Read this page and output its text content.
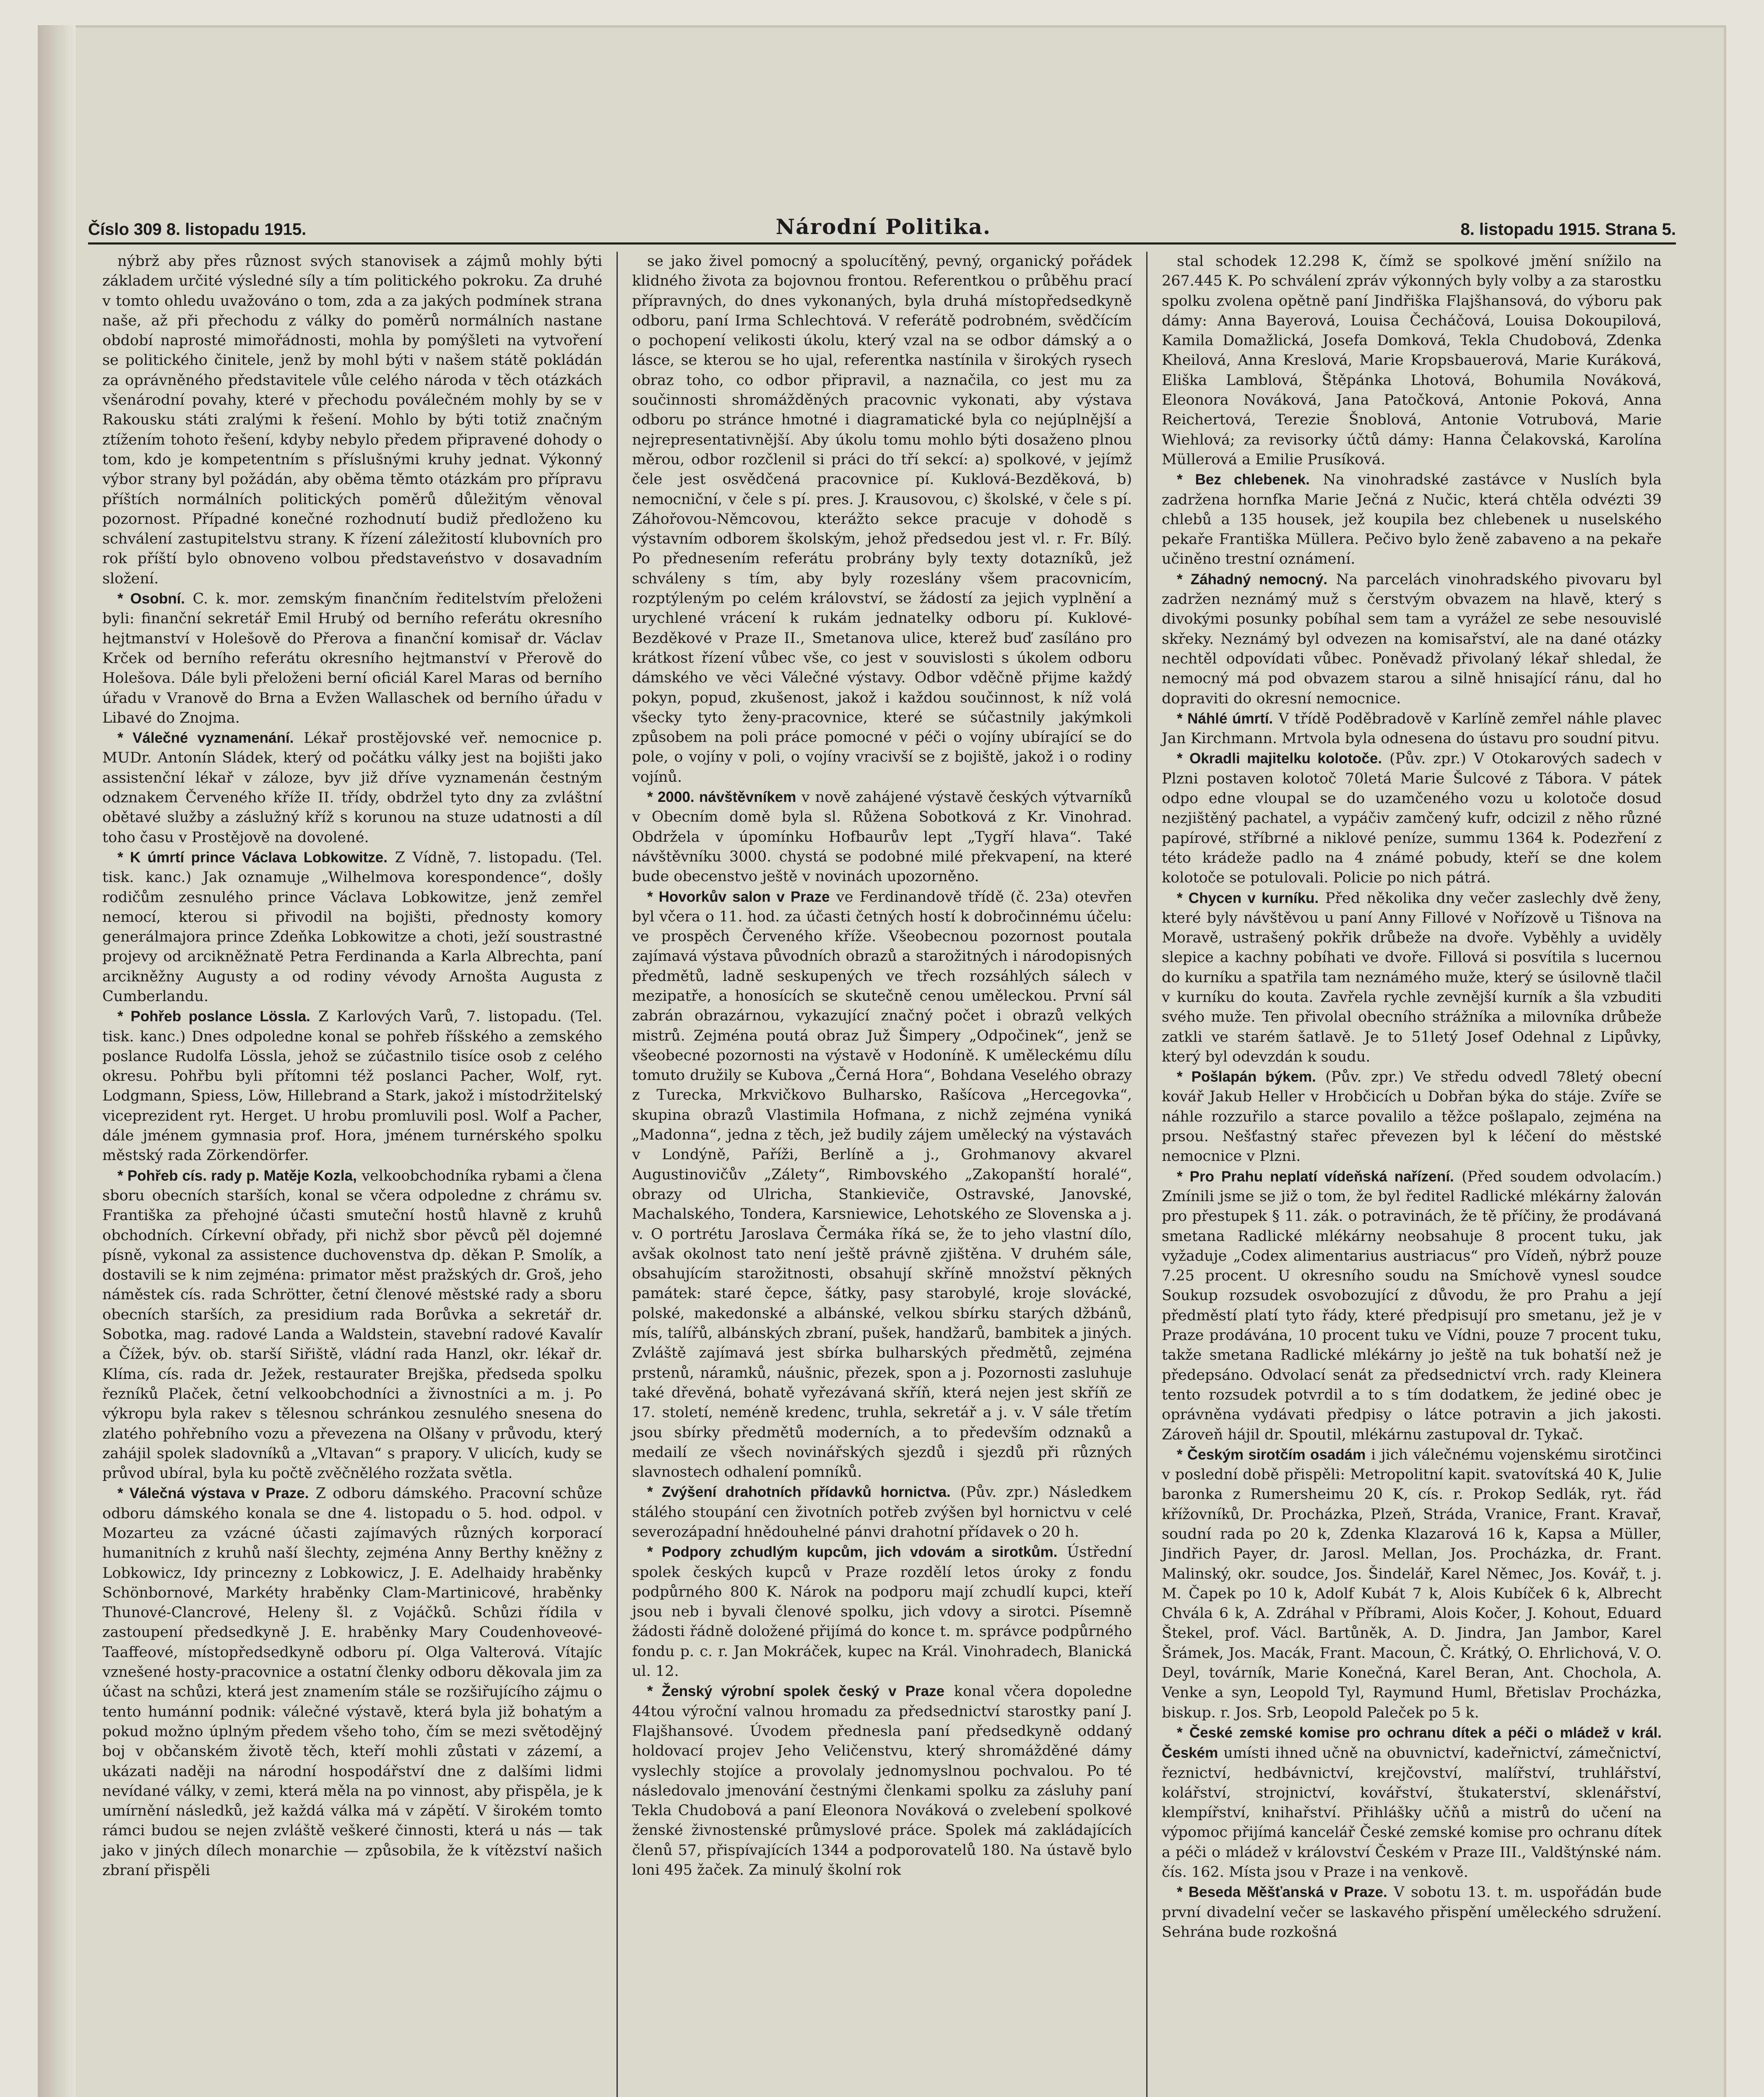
Číslo 309 8. listopadu 1915.	Národní Politika.	8. listopadu 1915. Strana 5.

nýbrž aby přes různost svých stanovisek a zájmů mohly býti základem určité výsledné síly a tím politického pokroku. Za druhé v tomto ohledu uvažováno o tom, zda a za jakých podmínek strana naše, až při přechodu z války do poměrů normálních nastane období naprosté mimořádnosti, mohla by pomýšleti na vytvoření se politického činitele, jenž by mohl býti v našem státě pokládán za oprávněného představitele vůle celého národa v těch otázkách všenárodní povahy, které v přechodu poválečném mohly by se v Rakousku státi zralými k řešení. Mohlo by býti totiž značným ztížením tohoto řešení, kdyby nebylo předem připravené dohody o tom, kdo je kompetentním s příslušnými kruhy jednat. Výkonný výbor strany byl požádán, aby oběma těmto otázkám pro přípravu příštích normálních politických poměrů důležitým věnoval pozornost. Případné konečné rozhodnutí budiž předloženo ku schválení zastupitelstvu strany. K řízení záležitostí klubovních pro rok příští bylo obnoveno volbou představeństvo v dosavadním složení.

* Osobní. C. k. mor. zemským finančním ředitelstvím přeloženi byli: finanční sekretář Emil Hrubý od berního referátu okresního hejtmanství v Holešově do Přerova a finanční komisař dr. Václav Krček od berního referátu okresního hejtmanství v Přerově do Holešova. Dále byli přeloženi berní oficiál Karel Maras od berního úřadu v Vranově do Brna a Evžen Wallaschek od berního úřadu v Libavé do Znojma.

* Válečné vyznamenání. Lékař prostějovské veř. nemocnice p. MUDr. Antonín Sládek, který od počátku války jest na bojišti jako assistenční lékař v záloze, byv již dříve vyznamenán čestným odznakem Červeného kříže II. třídy, obdržel tyto dny za zvláštní obětavé služby a záslužný kříž s korunou na stuze udatnosti a díl toho času v Prostějově na dovolené.

* K úmrtí prince Václava Lobkowitze. Z Vídně, 7. listopadu. (Tel. tisk. kanc.) Jak oznamuje „Wilhelmova korespondence“, došly rodičům zesnulého prince Václava Lobkowitze, jenž zemřel nemocí, kterou si přivodil na bojišti, přednosty komory generálmajora prince Zdeňka Lobkowitze a choti, ježí soustrastné projevy od arcikněžnatě Petra Ferdinanda a Karla Albrechta, paní arcikněžny Augusty a od rodiny vévody Arnošta Augusta z Cumberlandu.

* Pohřeb poslance Lössla. Z Karlových Varů, 7. listopadu. (Tel. tisk. kanc.) Dnes odpoledne konal se pohřeb říšského a zemského poslance Rudolfa Lössla, jehož se zúčastnilo tisíce osob z celého okresu. Pohřbu byli přítomni též poslanci Pacher, Wolf, ryt. Lodgmann, Spiess, Löw, Hillebrand a Stark, jakož i místodržitelský viceprezident ryt. Herget. U hrobu promluvili posl. Wolf a Pacher, dále jménem gymnasia prof. Hora, jménem turnérského spolku městský rada Zörkendörfer.

* Pohřeb cís. rady p. Matěje Kozla, velkoobchodníka rybami a člena sboru obecních starších, konal se včera odpoledne z chrámu sv. Františka za přehojné účasti smuteční hostů hlavně z kruhů obchodních. Církevní obřady, při nichž sbor pěvců pěl dojemné písně, vykonal za assistence duchovenstva dp. děkan P. Smolík, a dostavili se k nim zejména: primator měst pražských dr. Groš, jeho náměstek cís. rada Schrötter, četní členové městské rady a sboru obecních starších, za presidium rada Borůvka a sekretář dr. Sobotka, mag. radové Landa a Waldstein, stavební radové Kavalír a Čížek, býv. ob. starší Siřiště, vládní rada Hanzl, okr. lékař dr. Klíma, cís. rada dr. Ježek, restaurater Brejška, předseda spolku řezníků Plaček, četní velkoobchodníci a živnostníci a m. j. Po výkropu byla rakev s tělesnou schránkou zesnulého snesena do zlatého pohřebního vozu a převezena na Olšany v průvodu, který zahájil spolek sladovníků a „Vltavan“ s prapory. V ulicích, kudy se průvod ubíral, byla ku počtě zvěčnělého rozžata světla.

* Válečná výstava v Praze. Z odboru dámského. Pracovní schůze odboru dámského konala se dne 4. listopadu o 5. hod. odpol. v Mozarteu za vzácné účasti zajímavých různých korporací humanitních z kruhů naší šlechty, zejména Anny Berthy kněžny z Lobkowicz, Idy princezny z Lobkowicz, J. E. Adelhaidy hraběnky Schönbornové, Markéty hraběnky Clam-Martinicové, hraběnky Thunové-Clancrové, Heleny šl. z Vojáčků. Schůzi řídila v zastoupení předsedkyně J. E. hraběnky Mary Coudenhoveové-Taaffeové, místopředsedkyně odboru pí. Olga Valterová. Vítajíc vznešené hosty-pracovnice a ostatní členky odboru děkovala jim za účast na schůzi, která jest znamením stále se rozšiřujícího zájmu o tento humánní podnik: válečné výstavě, která byla již bohatým a pokud možno úplným předem všeho toho, čím se mezi světodějný boj v občanském životě těch, kteří mohli zůstati v zázemí, a ukázati naději na národní hospodářství dne z dalšími lidmi nevídané války, v zemi, která měla na po vinnost, aby přispěla, je k umírnění následků, jež každá válka má v zápětí. V širokém tomto rámci budou se nejen zvláště veškeré činnosti, která u nás — tak jako v jiných dílech monarchie — způsobila, že k vítězství našich zbraní přispěli

se jako živel pomocný a spolucítěný, pevný, organický pořádek klidného života za bojovnou frontou. Referentkou o průběhu prací přípravných, do dnes vykonaných, byla druhá místopředsedkyně odboru, paní Irma Schlechtová. V referátě podrobném, svědčícím o pochopení velikosti úkolu, který vzal na se odbor dámský a o lásce, se kterou se ho ujal, referentka nastínila v širokých rysech obraz toho, co odbor připravil, a naznačila, co jest mu za součinnosti shromážděných pracovnic vykonati, aby výstava odboru po stránce hmotné i diagramatické byla co nejúplnější a nejrepresentativnější. Aby úkolu tomu mohlo býti dosaženo plnou měrou, odbor rozčlenil si práci do tří sekcí: a) spolkové, v jejímž čele jest osvědčená pracovnice pí. Kuklová-Bezděková, b) nemocniční, v čele s pí. pres. J. Krausovou, c) školské, v čele s pí. Záhořovou-Němcovou, kterážto sekce pracuje v dohodě s výstavním odborem školským, jehož předsedou jest vl. r. Fr. Bílý. Po přednesením referátu probrány byly texty dotazníků, jež schváleny s tím, aby byly rozeslány všem pracovnicím, rozptýleným po celém království, se žádostí za jejich vyplnění a urychlené vrácení k rukám jednatelky odboru pí. Kuklové-Bezděkové v Praze II., Smetanova ulice, kterež buď zasíláno pro krátkost řízení vůbec vše, co jest v souvislosti s úkolem odboru dámského ve věci Válečné výstavy. Odbor vděčně přijme každý pokyn, popud, zkušenost, jakož i každou součinnost, k níž volá všecky tyto ženy-pracovnice, které se súčastnily jakýmkoli způsobem na poli práce pomocné v péči o vojíny ubírající se do pole, o vojíny v poli, o vojíny vracivší se z bojiště, jakož i o rodiny vojínů.

* 2000. návštěvníkem v nově zahájené výstavě českých výtvarníků v Obecním domě byla sl. Růžena Sobotková z Kr. Vinohrad. Obdržela v úpomínku Hofbaurův lept „Tygří hlava“. Také návštěvníku 3000. chystá se podobné milé překvapení, na které bude obecenstvo ještě v novinách upozorněno.

* Hovorkův salon v Praze ve Ferdinandově třídě (č. 23a) otevřen byl včera o 11. hod. za účasti četných hostí k dobročinnému účelu: ve prospěch Červeného kříže. Všeobecnou pozornost poutala zajímavá výstava původních obrazů a starožitných i národopisných předmětů, ladně seskupených ve třech rozsáhlých sálech v mezipatře, a honosících se skutečně cenou uměleckou. První sál zabrán obrazárnou, vykazující značný počet i obrazů velkých mistrů. Zejména poutá obraz Juž Šimpery „Odpočinek“, jenž se všeobecné pozornosti na výstavě v Hodoníně. K uměleckému dílu tomuto družily se Kubova „Černá Hora“, Bohdana Veselého obrazy z Turecka, Mrkvičkovo Bulharsko, Rašícova „Hercegovka“, skupina obrazů Vlastimila Hofmana, z nichž zejména vyniká „Madonna“, jedna z těch, jež budily zájem umělecký na výstavách v Londýně, Paříži, Berlíně a j., Grohmanovy akvarel Augustinovičův „Zálety“, Rimbovského „Zakopanští horalé“, obrazy od Ulricha, Stankieviče, Ostravské, Janovské, Machalského, Tondera, Karsniewice, Lehotského ze Slovenska a j. v. O portrétu Jaroslava Čermáka říká se, že to jeho vlastní dílo, avšak okolnost tato není ještě právně zjištěna. V druhém sále, obsahujícím starožitnosti, obsahují skříně množství pěkných památek: staré čepce, šátky, pasy starobylé, kroje slovácké, polské, makedonské a albánské, velkou sbírku starých džbánů, mís, talířů, albánských zbraní, pušek, handžarů, bambitek a jiných. Zvláště zajímavá jest sbírka bulharských předmětů, zejména prstenů, náramků, náušnic, přezek, spon a j. Pozornosti zasluhuje také dřevěná, bohatě vyřezávaná skříň, která nejen jest skříň ze 17. století, neméně kredenc, truhla, sekretář a j. v. V sále třetím jsou sbírky předmětů moderních, a to především odznaků a medailí ze všech novinářských sjezdů i sjezdů při různých slavnostech odhalení pomníků.

* Zvýšení drahotních přídavků hornictva. (Pův. zpr.) Následkem stálého stoupání cen životních potřeb zvýšen byl hornictvu v celé severozápadní hnědouhelné pánvi drahotní přídavek o 20 h.

* Podpory zchudlým kupcům, jich vdovám a sirotkům. Ústřední spolek českých kupců v Praze rozdělí letos úroky z fondu podpůrného 800 K. Nárok na podporu mají zchudlí kupci, kteří jsou neb i byvali členové spolku, jich vdovy a sirotci. Písemně žádosti řádně doložené přijímá do konce t. m. správce podpůrného fondu p. c. r. Jan Mokráček, kupec na Král. Vinohradech, Blanická ul. 12.

* Ženský výrobní spolek český v Praze konal včera dopoledne 44tou výroční valnou hromadu za předsednictví starostky paní J. Flajšhansové. Úvodem přednesla paní předsedkyně oddaný holdovací projev Jeho Veličenstvu, který shromážděné dámy vyslechly stojíce a provolaly jednomyslnou pochvalou. Po té následovalo jmenování čestnými členkami spolku za zásluhy paní Tekla Chudobová a paní Eleonora Nováková o zvelebení spolkové ženské živnostenské průmyslové práce. Spolek má zakládajících členů 57, přispívajících 1344 a podporovatelů 180. Na ústavě bylo loni 495 žaček. Za minulý školní rok

stal schodek 12.298 K, čímž se spolkové jmění snížilo na 267.445 K. Po schválení zpráv výkonných byly volby a za starostku spolku zvolena opětně paní Jindřiška Flajšhansová, do výboru pak dámy: Anna Bayerová, Louisa Čecháčová, Louisa Dokoupilová, Kamila Domažlická, Josefa Domková, Tekla Chudobová, Zdenka Kheilová, Anna Kreslová, Marie Kropsbauerová, Marie Kuráková, Eliška Lamblová, Štěpánka Lhotová, Bohumila Nováková, Eleonora Nováková, Jana Patočková, Antonie Poková, Anna Reichertová, Terezie Šnoblová, Antonie Votrubová, Marie Wiehlová; za revisorky účtů dámy: Hanna Čelakovská, Karolína Müllerová a Emilie Prusíková.

* Bez chlebenek. Na vinohradské zastávce v Nuslích byla zadržena hornfka Marie Ječná z Nučic, která chtěla odvézti 39 chlebů a 135 housek, jež koupila bez chlebenek u nuselského pekaře Františka Müllera. Pečivo bylo ženě zabaveno a na pekaře učiněno trestní oznámení.

* Záhadný nemocný. Na parcelách vinohradského pivovaru byl zadržen neznámý muž s čerstvým obvazem na hlavě, který s divokými posunky pobíhal sem tam a vyrážel ze sebe nesouvislé skřeky. Neznámý byl odvezen na komisařství, ale na dané otázky nechtěl odpovídati vůbec. Poněvadž přivolaný lékař shledal, že nemocný má pod obvazem starou a silně hnisající ránu, dal ho dopraviti do okresní nemocnice.

* Náhlé úmrtí. V třídě Poděbradově v Karlíně zemřel náhle plavec Jan Kirchmann. Mrtvola byla odnesena do ústavu pro soudní pitvu.

* Okradli majitelku kolotoče. (Pův. zpr.) V Otokarových sadech v Plzni postaven kolotoč 70letá Marie Šulcové z Tábora. V pátek odpo edne vloupal se do uzamčeného vozu u kolotoče dosud nezjištěný pachatel, a vypáčiv zamčený kufr, odcizil z něho různé papírové, stříbrné a niklové peníze, summu 1364 k. Podezření z této krádeže padlo na 4 známé pobudy, kteří se dne kolem kolotoče se potulovali. Policie po nich pátrá.

* Chycen v kurníku. Před několika dny večer zaslechly dvě ženy, které byly návštěvou u paní Anny Fillové v Nořízově u Tišnova na Moravě, ustrašený pokřik drůbeže na dvoře. Vyběhly a uviděly slepice a kachny pobíhati ve dvoře. Fillová si posvítila s lucernou do kurníku a spatřila tam neznámého muže, který se úsilovně tlačil v kurníku do kouta. Zavřela rychle zevnější kurník a šla vzbuditi svého muže. Ten přivolal obecního strážníka a milovníka drůbeže zatkli ve starém šatlavě. Je to 51letý Josef Odehnal z Lipůvky, který byl odevzdán k soudu.

* Pošlapán býkem. (Pův. zpr.) Ve středu odvedl 78letý obecní kovář Jakub Heller v Hrobčicích u Dobřan býka do stáje. Zvíře se náhle rozzuřilo a starce povalilo a těžce pošlapalo, zejména na prsou. Nešťastný stařec převezen byl k léčení do městské nemocnice v Plzni.

* Pro Prahu neplatí vídeňská nařízení. (Před soudem odvolacím.) Zmínili jsme se již o tom, že byl ředitel Radlické mlékárny žalován pro přestupek § 11. zák. o potravinách, že tě příčiny, že prodávaná smetana Radlické mlékárny neobsahuje 8 procent tuku, jak vyžaduje „Codex alimentarius austriacus“ pro Vídeň, nýbrž pouze 7.25 procent. U okresního soudu na Smíchově vynesl soudce Soukup rozsudek osvobozující z důvodu, že pro Prahu a její předměstí platí tyto řády, které předpisují pro smetanu, jež je v Praze prodávána, 10 procent tuku ve Vídni, pouze 7 procent tuku, takže smetana Radlické mlékárny jo ještě na tuk bohatší než je předepsáno. Odvolací senát za předsednictví vrch. rady Kleinera tento rozsudek potvrdil a to s tím dodatkem, že jediné obec je oprávněna vydávati předpisy o látce potravin a jich jakosti. Zároveň hájil dr. Spoutil, mlékárnu zastupoval dr. Tykač.

* Českým sirotčím osadám i jich válečnému vojenskému sirotčinci v poslední době přispěli: Metropolitní kapit. svatovítská 40 K, Julie baronka z Rumersheimu 20 K, cís. r. Prokop Sedlák, ryt. řád křížovníků, Dr. Procházka, Plzeň, Stráda, Vranice, Frant. Kravař, soudní rada po 20 k, Zdenka Klazarová 16 k, Kapsa a Müller, Jindřich Payer, dr. Jarosl. Mellan, Jos. Procházka, dr. Frant. Malinský, okr. soudce, Jos. Šindelář, Karel Němec, Jos. Kovář, t. j. M. Čapek po 10 k, Adolf Kubát 7 k, Alois Kubíček 6 k, Albrecht Chvála 6 k, A. Zdráhal v Příbrami, Alois Kočer, J. Kohout, Eduard Štekel, prof. Václ. Bartůněk, A. D. Jindra, Jan Jambor, Karel Šrámek, Jos. Macák, Frant. Macoun, Č. Krátký, O. Ehrlichová, V. O. Deyl, továrník, Marie Konečná, Karel Beran, Ant. Chochola, A. Venke a syn, Leopold Tyl, Raymund Huml, Břetislav Procházka, biskup. r. Jos. Srb, Leopold Paleček po 5 k.

* České zemské komise pro ochranu dítek a péči o mládež v král. Českém umísti ihned učně na obuvnictví, kadeřnictví, zámečnictví, řeznictví, hedbávnictví, krejčovství, malířství, truhlářství, kolářství, strojnictví, kovářství, štukaterství, sklenářství, klempířství, knihařství. Přihlášky učňů a mistrů do učení na výpomoc přijímá kancelář České zemské komise pro ochranu dítek a péči o mládež v království Českém v Praze III., Valdštýnské nám. čís. 162. Místa jsou v Praze i na venkově.

* Beseda Měšťanská v Praze. V sobotu 13. t. m. uspořádán bude první divadelní večer se laskavého přispění uměleckého sdružení. Sehrána bude rozkošná
